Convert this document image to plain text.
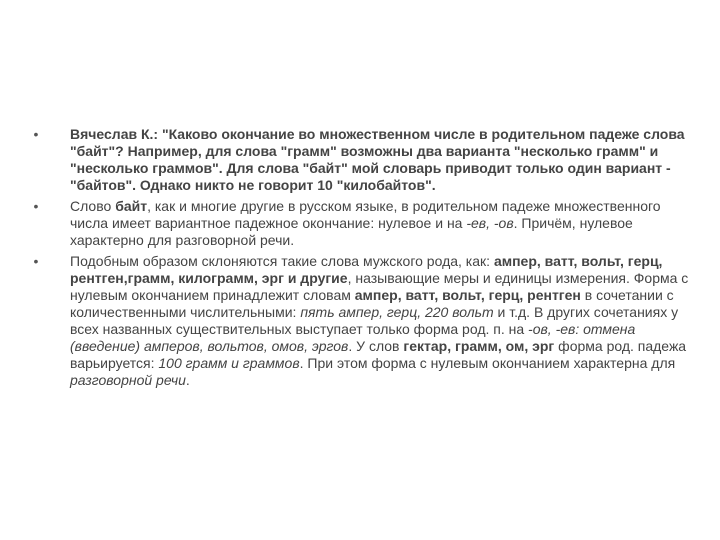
• Вячеслав К.: "Каково окончание во множественном числе в родительном падеже слова "байт"? Например, для слова "грамм" возможны два варианта "несколько грамм" и "несколько граммов". Для слова "байт" мой словарь приводит только один вариант - "байтов". Однако никто не говорит 10 "килобайтов".
• Слово байт, как и многие другие в русском языке, в родительном падеже множественного числа имеет вариантное падежное окончание: нулевое и на -ев, -ов. Причём, нулевое характерно для разговорной речи.
• Подобным образом склоняются такие слова мужского рода, как: ампер, ватт, вольт, герц, рентген,грамм, килограмм, эрг и другие, называющие меры и единицы измерения. Форма с нулевым окончанием принадлежит словам ампер, ватт, вольт, герц, рентген в сочетании с количественными числительными: пять ампер, герц, 220 вольт и т.д. В других сочетаниях у всех названных существительных выступает только форма род. п. на -ов, -ев: отмена (введение) амперов, вольтов, омов, эргов. У слов гектар, грамм, ом, эрг форма род. падежа варьируется: 100 грамм и граммов. При этом форма с нулевым окончанием характерна для разговорной речи.
